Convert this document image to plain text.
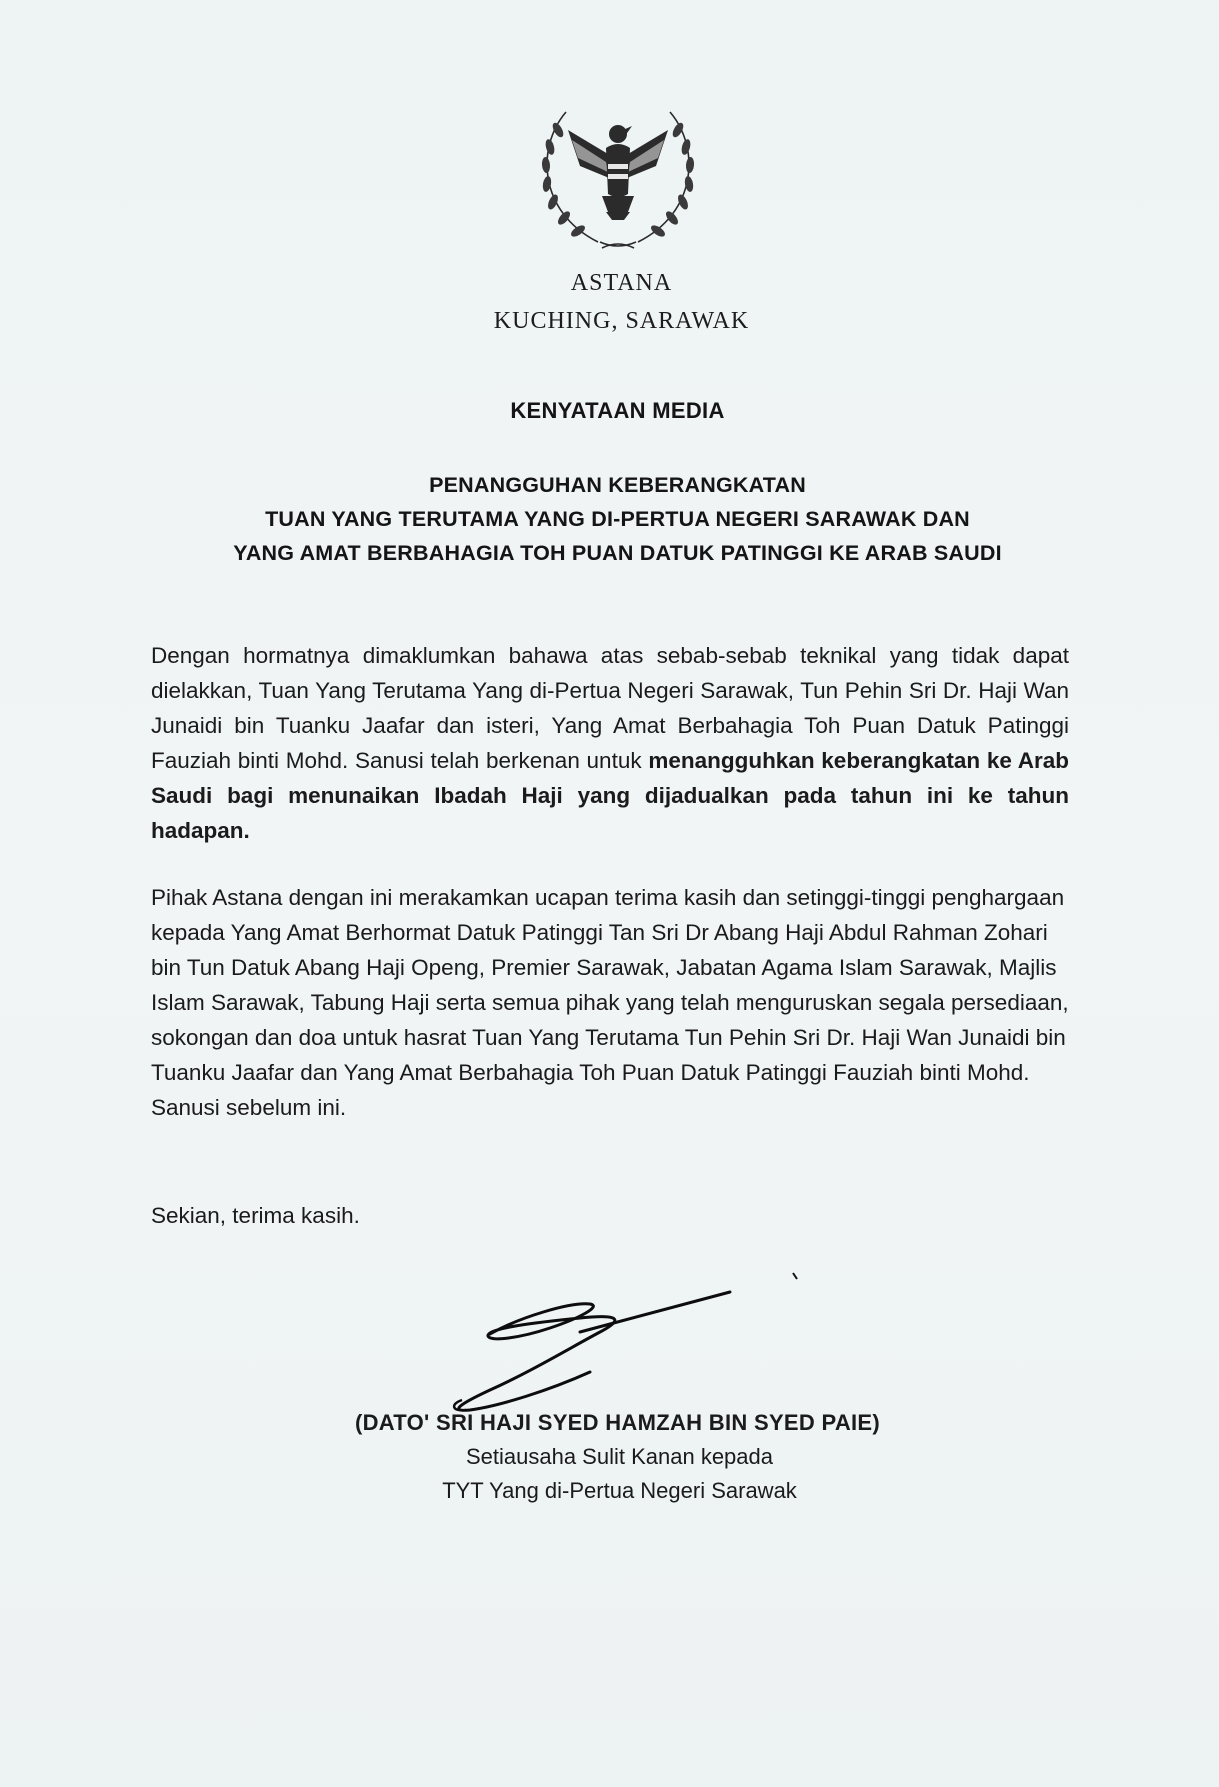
ASTANA
KUCHING, SARAWAK
KENYATAAN MEDIA
PENANGGUHAN KEBERANGKATAN
TUAN YANG TERUTAMA YANG DI-PERTUA NEGERI SARAWAK DAN
YANG AMAT BERBAHAGIA TOH PUAN DATUK PATINGGI KE ARAB SAUDI

Dengan hormatnya dimaklumkan bahawa atas sebab-sebab teknikal yang tidak dapat dielakkan, Tuan Yang Terutama Yang di-Pertua Negeri Sarawak, Tun Pehin Sri Dr. Haji Wan Junaidi bin Tuanku Jaafar dan isteri, Yang Amat Berbahagia Toh Puan Datuk Patinggi Fauziah binti Mohd. Sanusi telah berkenan untuk menangguhkan keberangkatan ke Arab Saudi bagi menunaikan Ibadah Haji yang dijadualkan pada tahun ini ke tahun hadapan.

Pihak Astana dengan ini merakamkan ucapan terima kasih dan setinggi-tinggi penghargaan kepada Yang Amat Berhormat Datuk Patinggi Tan Sri Dr Abang Haji Abdul Rahman Zohari bin Tun Datuk Abang Haji Openg, Premier Sarawak, Jabatan Agama Islam Sarawak, Majlis Islam Sarawak, Tabung Haji serta semua pihak yang telah menguruskan segala persediaan, sokongan dan doa untuk hasrat Tuan Yang Terutama Tun Pehin Sri Dr. Haji Wan Junaidi bin Tuanku Jaafar dan Yang Amat Berbahagia Toh Puan Datuk Patinggi Fauziah binti Mohd. Sanusi sebelum ini.

Sekian, terima kasih.

(DATO' SRI HAJI SYED HAMZAH BIN SYED PAIE)
Setiausaha Sulit Kanan kepada
TYT Yang di-Pertua Negeri Sarawak
